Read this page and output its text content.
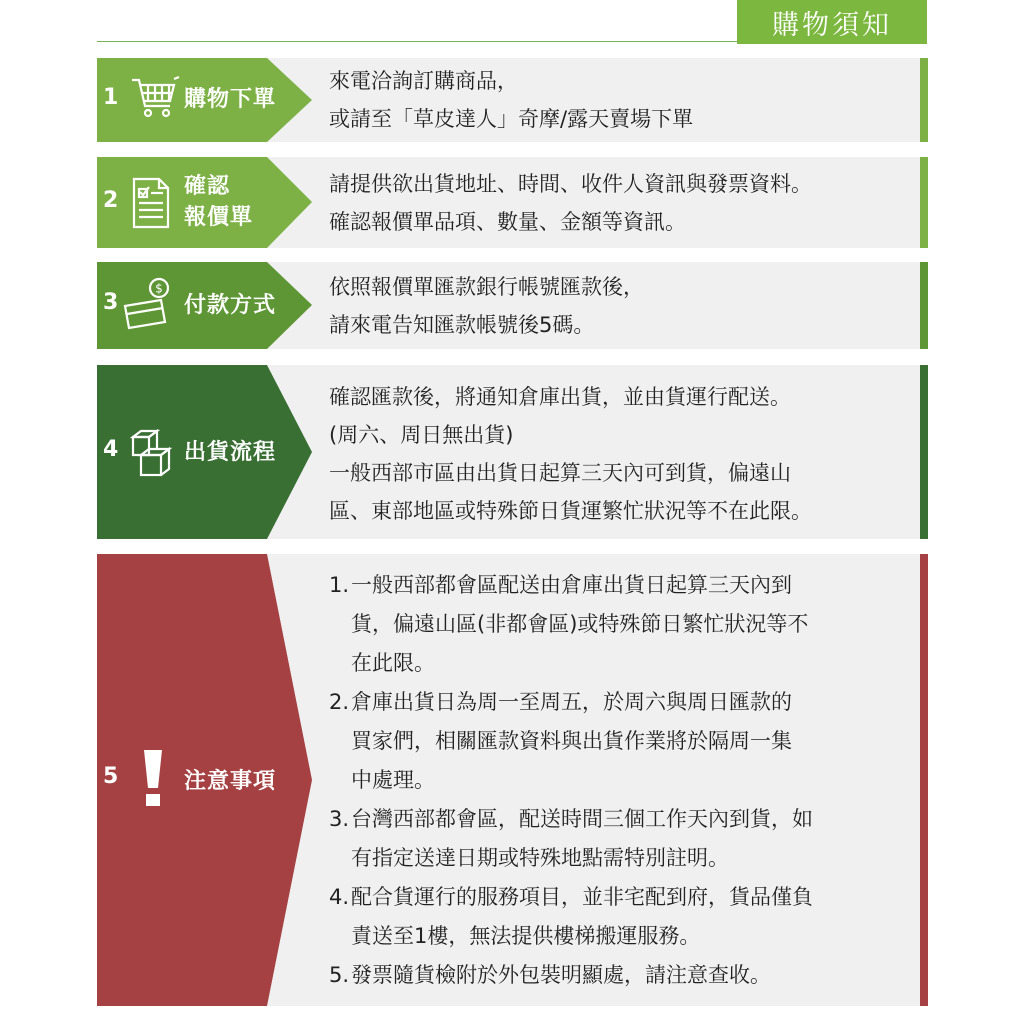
購物須知
1	購物下單
來電洽詢訂購商品，
或請至「草皮達人」奇摩/露天賣場下單
2
確認
報價單
請提供欲出貨地址、時間、收件人資訊與發票資料。
確認報價單品項、數量、金額等資訊。
3
$
付款方式
依照報價單匯款銀行帳號匯款後，
請來電告知匯款帳號後5碼。
4	出貨流程
確認匯款後，將通知倉庫出貨，並由貨運行配送。
(周六、周日無出貨)
一般西部市區由出貨日起算三天內可到貨，偏遠山
區、東部地區或特殊節日貨運繁忙狀況等不在此限。
5	注意事項
1. 一般西部都會區配送由倉庫出貨日起算三天內到
貨，偏遠山區(非都會區)或特殊節日繁忙狀況等不
在此限。
2. 倉庫出貨日為周一至周五，於周六與周日匯款的
買家們，相關匯款資料與出貨作業將於隔周一集
中處理。
3. 台灣西部都會區，配送時間三個工作天內到貨，如
有指定送達日期或特殊地點需特別註明。
4. 配合貨運行的服務項目，並非宅配到府，貨品僅負
責送至1樓，無法提供樓梯搬運服務。
5. 發票隨貨檢附於外包裝明顯處，請注意查收。
